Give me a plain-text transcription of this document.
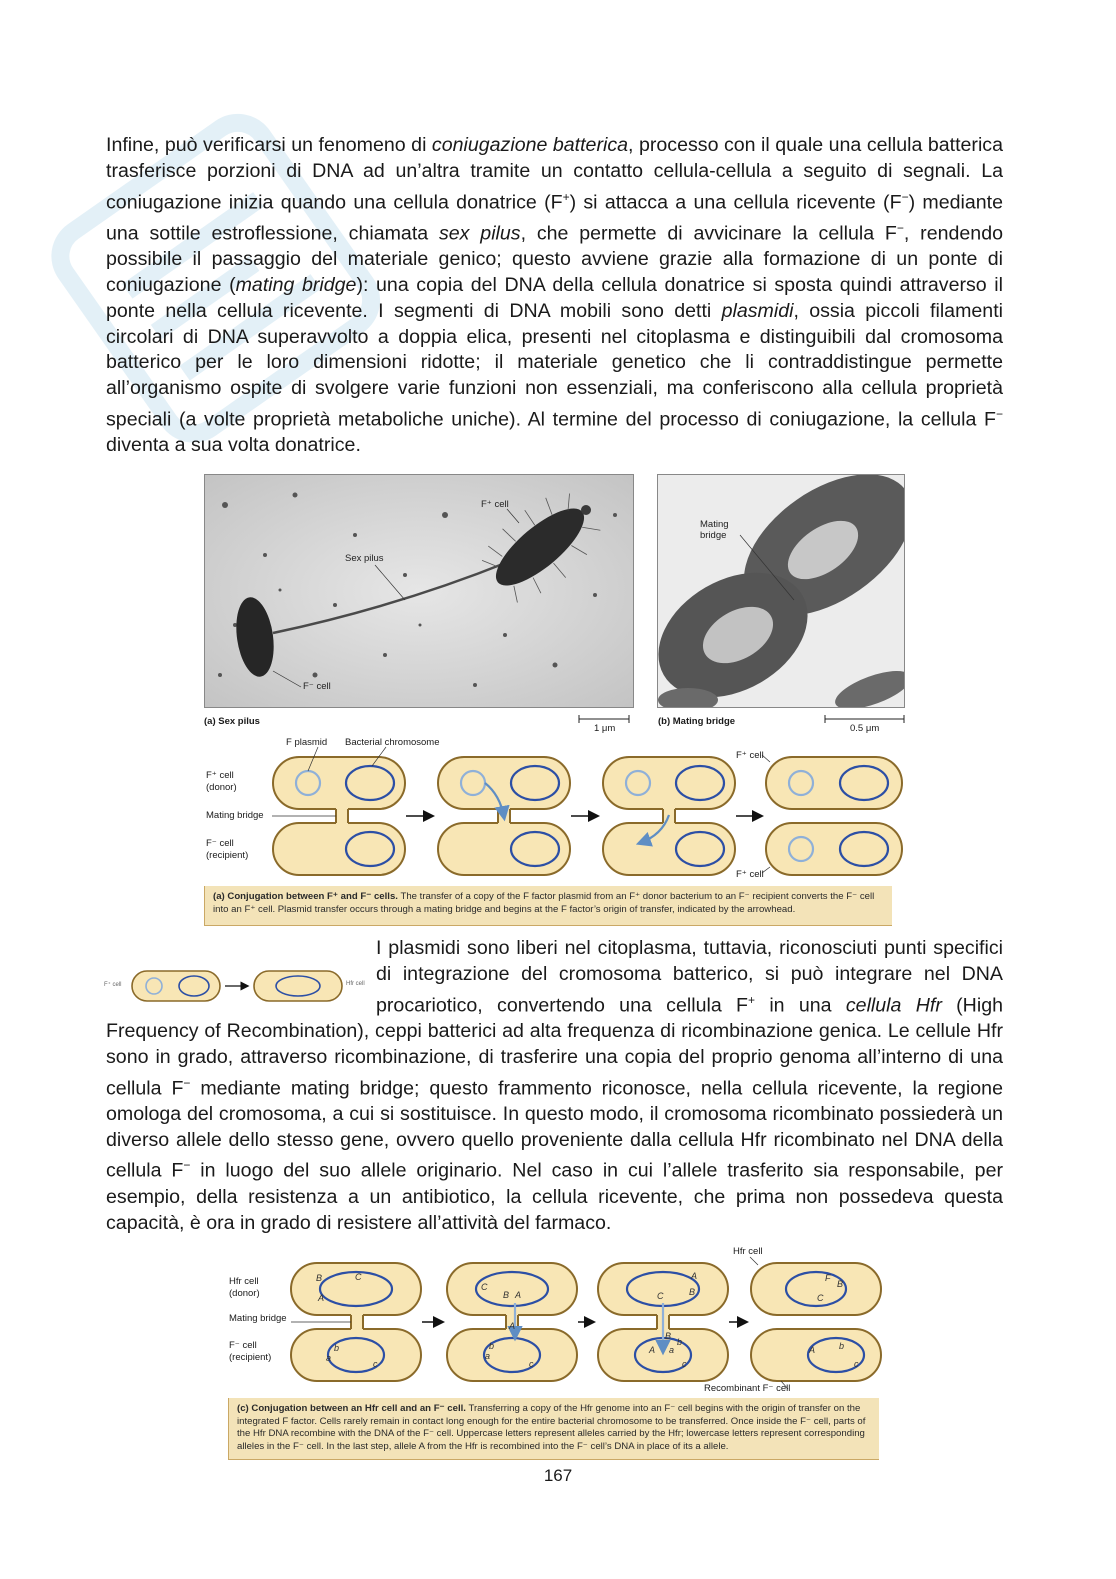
Infine, può verificarsi un fenomeno di coniugazione batterica, processo con il quale una cellula batterica trasferisce porzioni di DNA ad un’altra tramite un contatto cellula-cellula a seguito di segnali. La coniugazione inizia quando una cellula donatrice (F+) si attacca a una cellula ricevente (F−) mediante una sottile estroflessione, chiamata sex pilus, che permette di avvicinare la cellula F−, rendendo possibile il passaggio del materiale genico; questo avviene grazie alla formazione di un ponte di coniugazione (mating bridge): una copia del DNA della cellula donatrice si sposta quindi attraverso il ponte nella cellula ricevente. I segmenti di DNA mobili sono detti plasmidi, ossia piccoli filamenti circolari di DNA superavvolto a doppia elica, presenti nel citoplasma e distinguibili dal cromosoma batterico per le loro dimensioni ridotte; il materiale genetico che li contraddistingue permette all’organismo ospite di svolgere varie funzioni non essenziali, ma conferiscono alla cellula proprietà speciali (a volte proprietà metaboliche uniche). Al termine del processo di coniugazione, la cellula F− diventa a sua volta donatrice.

F⁺ cell
Sex pilus
F⁻ cell
(a) Sex pilus
1 μm
Mating bridge
(b) Mating bridge
0.5 μm
F plasmid Bacterial chromosome
F⁺ cell
(donor)
Mating bridge
F⁻ cell
(recipient)
F⁺ cell
F⁺ cell
(a) Conjugation between F⁺ and F⁻ cells. The transfer of a copy of the F factor plasmid from an F⁺ donor bacterium to an F⁻ recipient converts the F⁻ cell into an F⁺ cell. Plasmid transfer occurs through a mating bridge and begins at the F factor’s origin of transfer, indicated by the arrowhead.
F⁺ cell	Hfr cell
I plasmidi sono liberi nel citoplasma, tuttavia, riconosciuti punti specifici di integrazione del cromosoma batterico, si può integrare nel DNA procariotico, convertendo una cellula F+ in una cellula Hfr (High Frequency of Recombination), ceppi batterici ad alta frequenza di ricombinazione genica. Le cellule Hfr sono in grado, attraverso ricombinazione, di trasferire una copia del proprio genoma all’interno di una cellula F− mediante mating bridge; questo frammento riconosce, nella cellula ricevente, la regione omologa del cromosoma, a cui si sostituisce. In questo modo, il cromosoma ricombinato possiederà un diverso allele dello stesso gene, ovvero quello proveniente dalla cellula Hfr ricombinato nel DNA della cellula F− in luogo del suo allele originario. Nel caso in cui l’allele trasferito sia responsabile, per esempio, della resistenza a un antibiotico, la cellula ricevente, che prima non possedeva questa capacità, è ora in grado di resistere all’attività del farmaco.
B	C
A
a
b
c
C
B A
A
a
b
c
A
B
C
B
A a
b
c
F
B
C
A	b
c
Hfr cell
(donor)
Mating bridge
F⁻ cell
(recipient)
Hfr cell
Recombinant F⁻ cell
(c) Conjugation between an Hfr cell and an F⁻ cell. Transferring a copy of the Hfr genome into an F⁻ cell begins with the origin of transfer on the integrated F factor. Cells rarely remain in contact long enough for the entire bacterial chromosome to be transferred. Once inside the F⁻ cell, parts of the Hfr DNA recombine with the DNA of the F⁻ cell. Uppercase letters represent alleles carried by the Hfr; lowercase letters represent corresponding alleles in the F⁻ cell. In the last step, allele A from the Hfr is recombined into the F⁻ cell’s DNA in place of its a allele.
167
